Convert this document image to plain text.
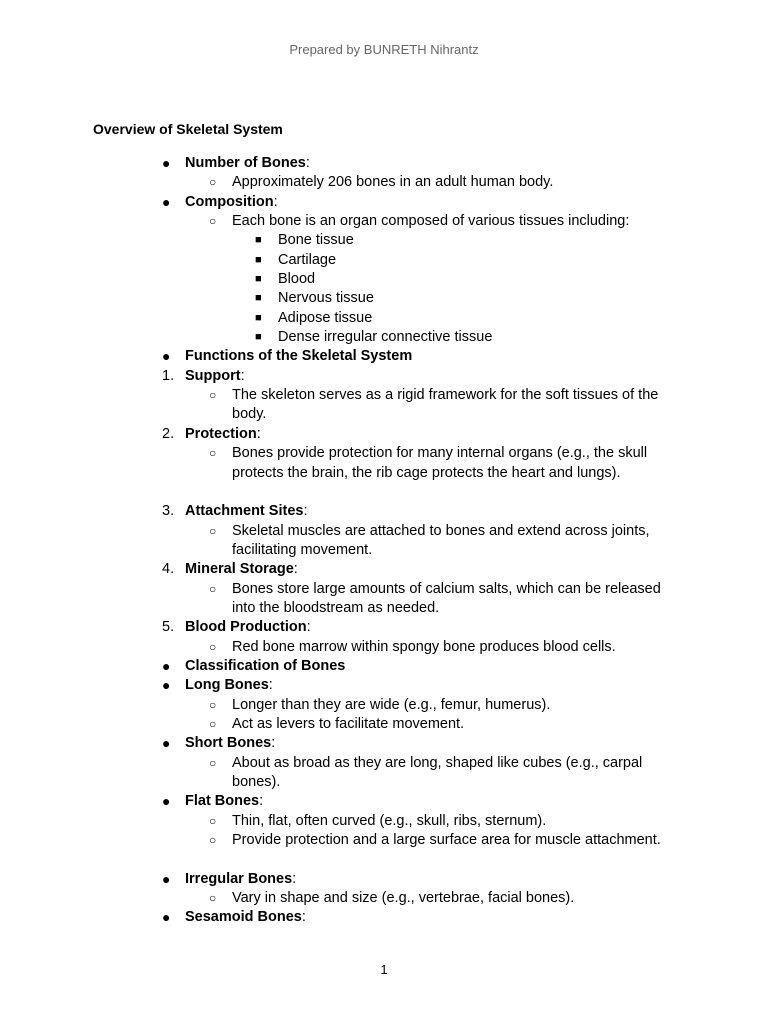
Prepared by BUNRETH Nihrantz
Overview of Skeletal System
● Number of Bones:
○ Approximately 206 bones in an adult human body.
● Composition:
○ Each bone is an organ composed of various tissues including:
■ Bone tissue
■ Cartilage
■ Blood
■ Nervous tissue
■ Adipose tissue
■ Dense irregular connective tissue
● Functions of the Skeletal System
1. Support:
○ The skeleton serves as a rigid framework for the soft tissues of the body.
2. Protection:
○ Bones provide protection for many internal organs (e.g., the skull protects the brain, the rib cage protects the heart and lungs).
3. Attachment Sites:
○ Skeletal muscles are attached to bones and extend across joints, facilitating movement.
4. Mineral Storage:
○ Bones store large amounts of calcium salts, which can be released into the bloodstream as needed.
5. Blood Production:
○ Red bone marrow within spongy bone produces blood cells.
● Classification of Bones
● Long Bones:
○ Longer than they are wide (e.g., femur, humerus).
○ Act as levers to facilitate movement.
● Short Bones:
○ About as broad as they are long, shaped like cubes (e.g., carpal bones).
● Flat Bones:
○ Thin, flat, often curved (e.g., skull, ribs, sternum).
○ Provide protection and a large surface area for muscle attachment.
● Irregular Bones:
○ Vary in shape and size (e.g., vertebrae, facial bones).
● Sesamoid Bones:
1
